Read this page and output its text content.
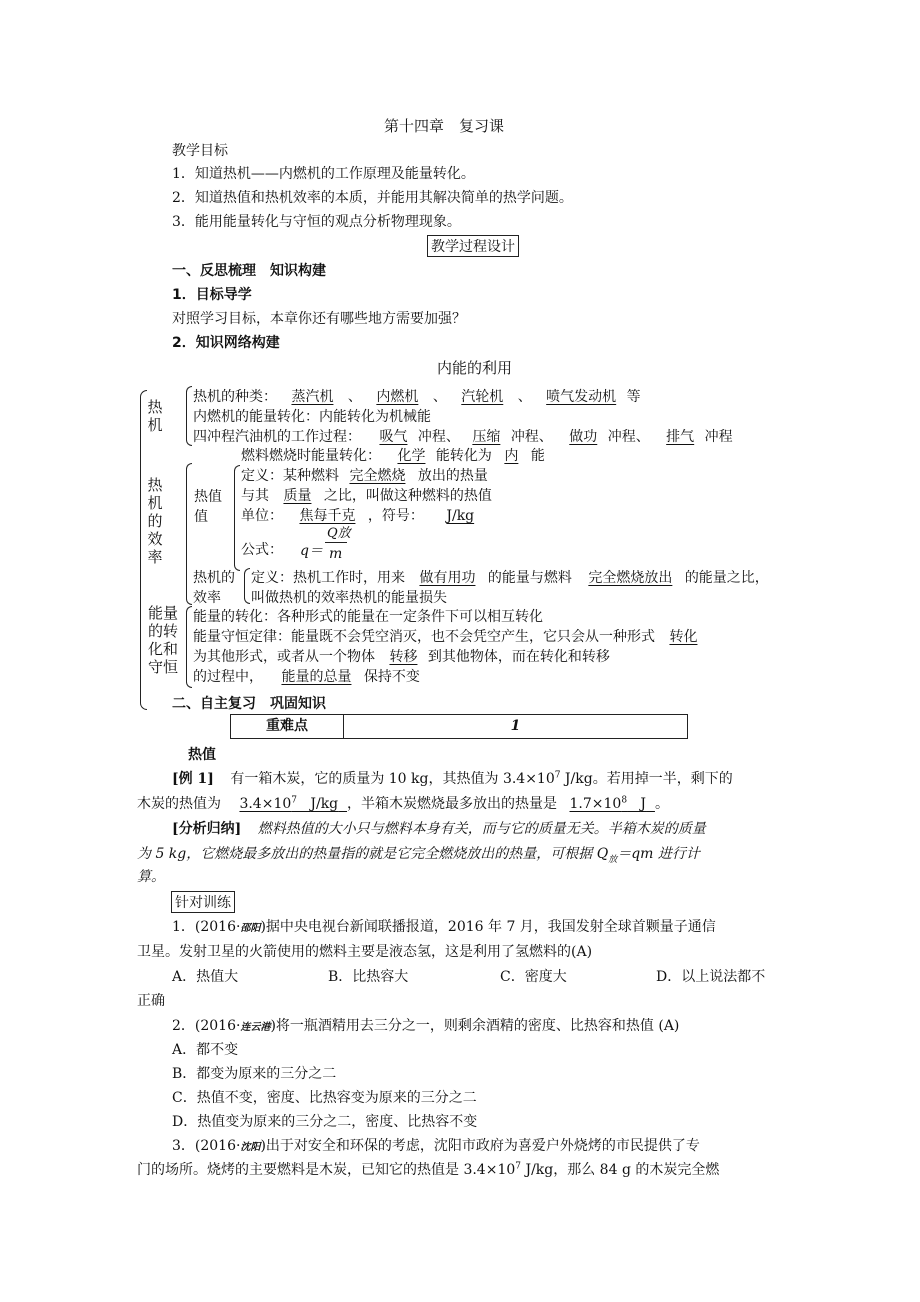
第十四章　复习课
教学目标
1．知道热机——内燃机的工作原理及能量转化。
2．知道热值和热机效率的本质，并能用其解决简单的热学问题。
3．能用能量转化与守恒的观点分析物理现象。
教学过程设计
一、反思梳理　知识构建
1．目标导学
对照学习目标，本章你还有哪些地方需要加强？
2．知识网络构建
内能的利用
热机
热机的效率
能量的转化和守恒
热值
值
热机的
效率
热机的种类： 蒸汽机 、 内燃机 、 汽轮机 、 喷气发动机 等
内燃机的能量转化：内能转化为机械能
四冲程汽油机的工作过程： 吸气 冲程、 压缩 冲程、 做功 冲程、 排气 冲程
燃料燃烧时能量转化： 化学 能转化为 内 能
定义：某种燃料 完全燃烧 放出的热量
与其 质量 之比，叫做这种燃料的热值
单位： 焦每千克 ，符号： J/kg
公式： q＝
Q放
m
定义：热机工作时，用来 做有用功 的能量与燃料 完全燃烧放出 的能量之比，
叫做热机的效率热机的能量损失
能量的转化：各种形式的能量在一定条件下可以相互转化
能量守恒定律：能量既不会凭空消灭，也不会凭空产生，它只会从一种形式 转化
为其他形式，或者从一个物体 转移 到其他物体，而在转化和转移
的过程中， 能量的总量 保持不变
二、自主复习　巩固知识
重难点	1
热值
[例 1] 有一箱木炭，它的质量为 10 kg，其热值为 $3.4\times 10^7$ J/kg。若用掉一半，剩下的
木炭的热值为 $3.4\times 10^7$ J/kg ，半箱木炭燃烧最多放出的热量是 $1.7\times 10^8$ J 。
[分析归纳] 燃料热值的大小只与燃料本身有关，而与它的质量无关。半箱木炭的质量
为 5 kg，它燃烧最多放出的热量指的就是它完全燃烧放出的热量，可根据 $Q_放=qm$ 进行计
算。
针对训练
1．(2016·邵阳)据中央电视台新闻联播报道，2016 年 7 月，我国发射全球首颗量子通信
卫星。发射卫星的火箭使用的燃料主要是液态氢，这是利用了氢燃料的(A)
A．热值大	B．比热容大	C．密度大	D．以上说法都不
正确
2．(2016·连云港)将一瓶酒精用去三分之一，则剩余酒精的密度、比热容和热值 (A)
A．都不变
B．都变为原来的三分之二
C．热值不变，密度、比热容变为原来的三分之二
D．热值变为原来的三分之二，密度、比热容不变
3．(2016·沈阳)出于对安全和环保的考虑，沈阳市政府为喜爱户外烧烤的市民提供了专
门的场所。烧烤的主要燃料是木炭，已知它的热值是 $3.4\times 10^7$ J/kg，那么 84 g 的木炭完全燃
